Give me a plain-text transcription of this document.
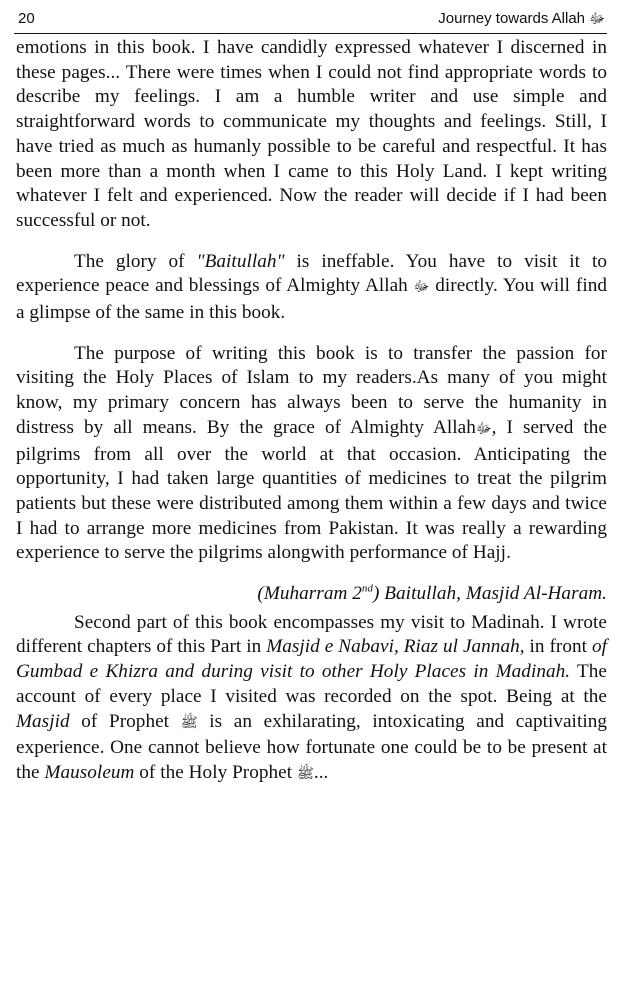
20	Journey towards Allah ﷻ

emotions in this book. I have candidly expressed whatever I discerned in these pages... There were times when I could not find appropriate words to describe my feelings. I am a humble writer and use simple and straightforward words to communicate my thoughts and feelings. Still, I have tried as much as humanly possible to be careful and respectful. It has been more than a month when I came to this Holy Land. I kept writing whatever I felt and experienced. Now the reader will decide if I had been successful or not.

The glory of "Baitullah" is ineffable. You have to visit it to experience peace and blessings of Almighty Allah ﷻ directly. You will find a glimpse of the same in this book.

The purpose of writing this book is to transfer the passion for visiting the Holy Places of Islam to my readers.As many of you might know, my primary concern has always been to serve the humanity in distress by all means. By the grace of Almighty Allahﷻ, I served the pilgrims from all over the world at that occasion. Anticipating the opportunity, I had taken large quantities of medicines to treat the pilgrim patients but these were distributed among them within a few days and twice I had to arrange more medicines from Pakistan. It was really a rewarding experience to serve the pilgrims alongwith performance of Hajj.

(Muharram 2nd) Baitullah, Masjid Al-Haram.

Second part of this book encompasses my visit to Madinah. I wrote different chapters of this Part in Masjid e Nabavi, Riaz ul Jannah, in front of Gumbad e Khizra and during visit to other Holy Places in Madinah. The account of every place I visited was recorded on the spot. Being at the Masjid of Prophet ﷺ is an exhilarating, intoxicating and captivaiting experience. One cannot believe how fortunate one could be to be present at the Mausoleum of the Holy Prophet ﷺ...
